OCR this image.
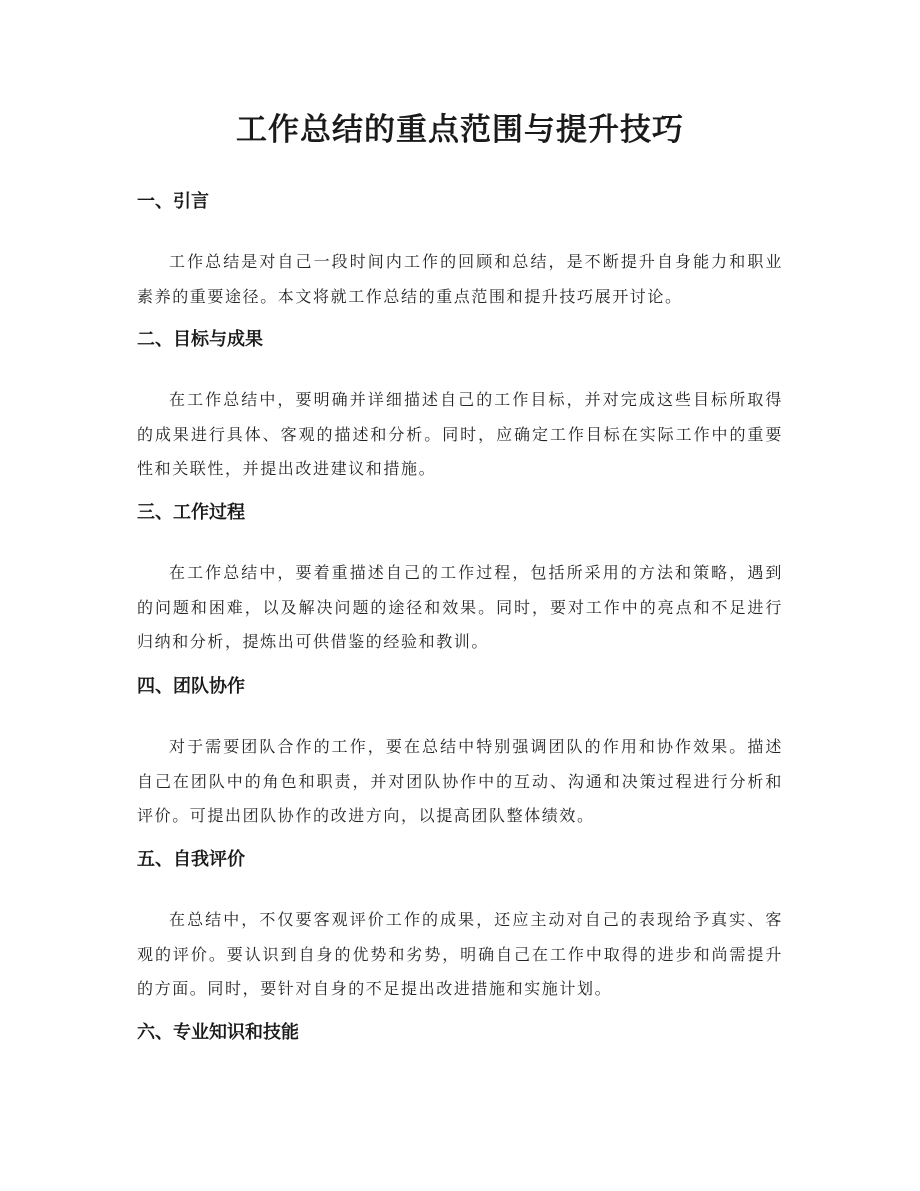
工作总结的重点范围与提升技巧
一、引言

工作总结是对自己一段时间内工作的回顾和总结，是不断提升自身能力和职业素养的重要途径。本文将就工作总结的重点范围和提升技巧展开讨论。

二、目标与成果

在工作总结中，要明确并详细描述自己的工作目标，并对完成这些目标所取得的成果进行具体、客观的描述和分析。同时，应确定工作目标在实际工作中的重要性和关联性，并提出改进建议和措施。

三、工作过程

在工作总结中，要着重描述自己的工作过程，包括所采用的方法和策略，遇到的问题和困难，以及解决问题的途径和效果。同时，要对工作中的亮点和不足进行归纳和分析，提炼出可供借鉴的经验和教训。

四、团队协作

对于需要团队合作的工作，要在总结中特别强调团队的作用和协作效果。描述自己在团队中的角色和职责，并对团队协作中的互动、沟通和决策过程进行分析和评价。可提出团队协作的改进方向，以提高团队整体绩效。

五、自我评价

在总结中，不仅要客观评价工作的成果，还应主动对自己的表现给予真实、客观的评价。要认识到自身的优势和劣势，明确自己在工作中取得的进步和尚需提升的方面。同时，要针对自身的不足提出改进措施和实施计划。

六、专业知识和技能
